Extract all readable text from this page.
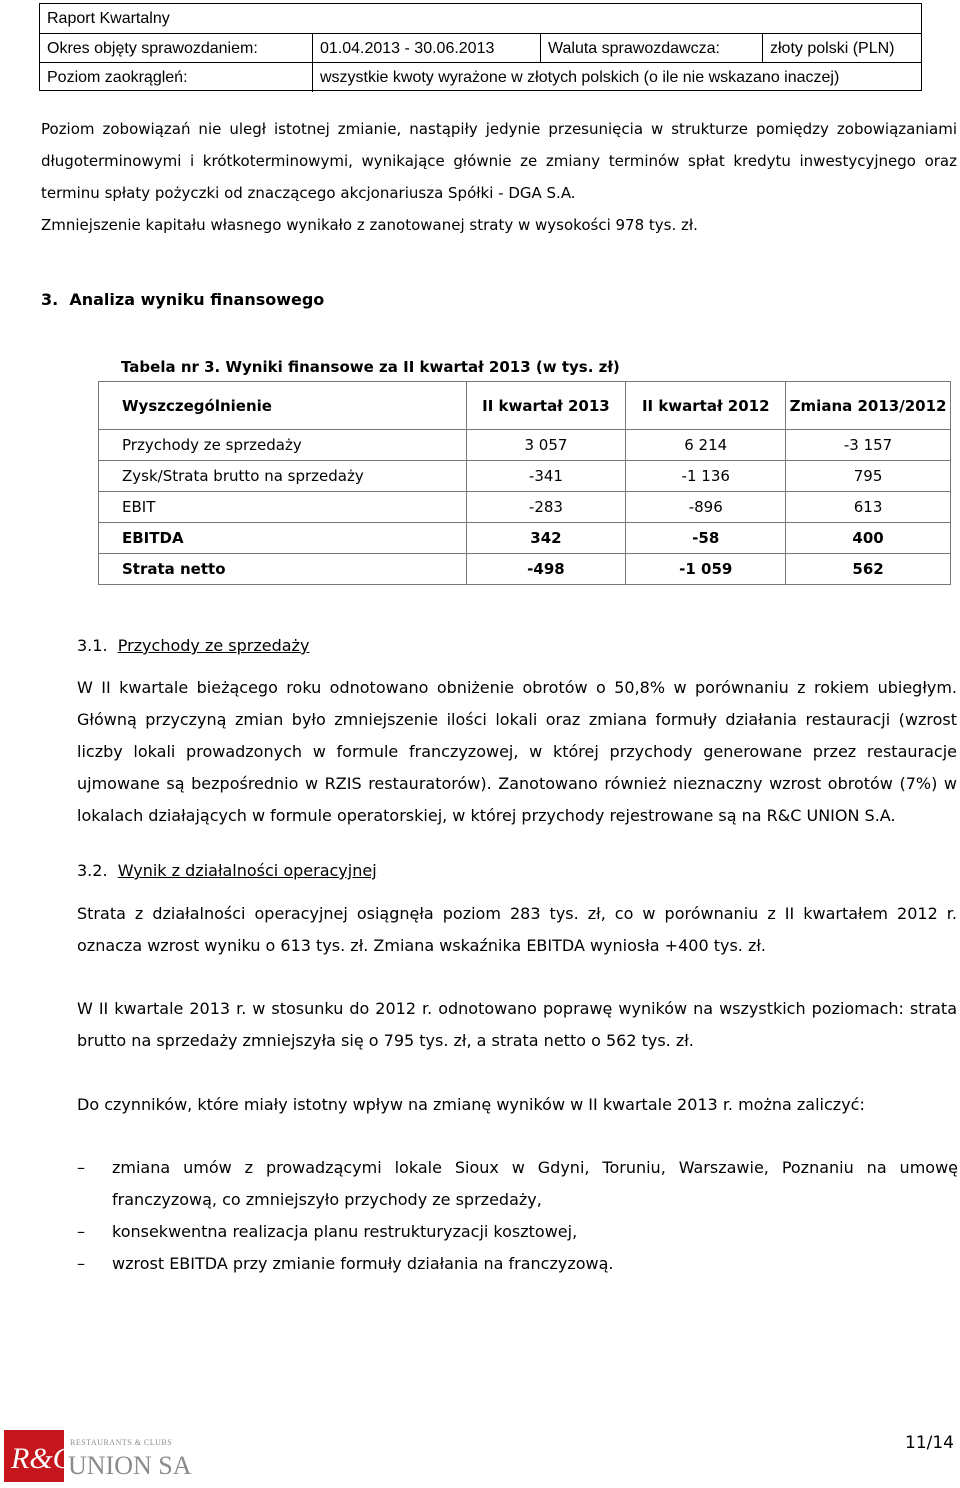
Raport Kwartalny
Okres objęty sprawozdaniem:	01.04.2013 - 30.06.2013	Waluta sprawozdawcza:	złoty polski (PLN)
Poziom zaokrągleń:	wszystkie kwoty wyrażone w złotych polskich (o ile nie wskazano inaczej)
Poziom zobowiązań nie uległ istotnej zmianie, nastąpiły jedynie przesunięcia w strukturze pomiędzy zobowiązaniami długoterminowymi i krótkoterminowymi, wynikające głównie ze zmiany terminów spłat kredytu inwestycyjnego oraz terminu spłaty pożyczki od znaczącego akcjonariusza Spółki - DGA S.A.
Zmniejszenie kapitału własnego wynikało z zanotowanej straty w wysokości 978 tys. zł.
3. Analiza wyniku finansowego
Tabela nr 3. Wyniki finansowe za II kwartał 2013 (w tys. zł)
Wyszczególnienie	II kwartał 2013	II kwartał 2012	Zmiana 2013/2012
Przychody ze sprzedaży	3 057	6 214	-3 157
Zysk/Strata brutto na sprzedaży	-341	-1 136	795
EBIT	-283	-896	613
EBITDA	342	-58	400
Strata netto	-498	-1 059	562
3.1. Przychody ze sprzedaży
W II kwartale bieżącego roku odnotowano obniżenie obrotów o 50,8% w porównaniu z rokiem ubiegłym. Główną przyczyną zmian było zmniejszenie ilości lokali oraz zmiana formuły działania restauracji (wzrost liczby lokali prowadzonych w formule franczyzowej, w której przychody generowane przez restauracje ujmowane są bezpośrednio w RZIS restauratorów). Zanotowano również nieznaczny wzrost obrotów (7%) w lokalach działających w formule operatorskiej, w której przychody rejestrowane są na R&C UNION S.A.
3.2. Wynik z działalności operacyjnej
Strata z działalności operacyjnej osiągnęła poziom 283 tys. zł, co w porównaniu z II kwartałem 2012 r. oznacza wzrost wyniku o 613 tys. zł. Zmiana wskaźnika EBITDA wyniosła +400 tys. zł.
W II kwartale 2013 r. w stosunku do 2012 r. odnotowano poprawę wyników na wszystkich poziomach: strata brutto na sprzedaży zmniejszyła się o 795 tys. zł, a strata netto o 562 tys. zł.
Do czynników, które miały istotny wpływ na zmianę wyników w II kwartale 2013 r. można zaliczyć:
–	zmiana umów z prowadzącymi lokale Sioux w Gdyni, Toruniu, Warszawie, Poznaniu na umowę franczyzową, co zmniejszyło przychody ze sprzedaży,
–	konsekwentna realizacja planu restrukturyzacji kosztowej,
–	wzrost EBITDA przy zmianie formuły działania na franczyzową.
R&C
RESTAURANTS & CLUBS
UNION SA
11/14
